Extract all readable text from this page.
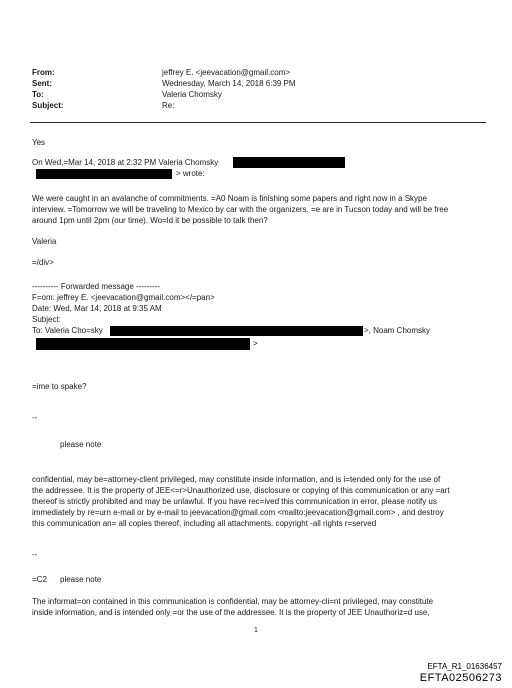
From:	jeffrey E. <jeevacation@gmail.com>
Sent:	Wednesday, March 14, 2018 6:39 PM
To:	Valeria Chomsky
Subject:	Re:
Yes
On Wed,=Mar 14, 2018 at 2:32 PM Valeria Chomsky
> wrote:
We were caught in an avalanche of commitments. =A0 Noam is finishing some papers and right now in a Skype
interview. =Tomorrow we will be traveling to Mexico by car with the organizers. =e are in Tucson today and will be free
around 1pm until 2pm (our time). Wo=ld it be possible to talk then?
Valeria
=/div>
---------- Forwarded message ---------
F=om: jeffrey E. <jeevacation@gmail.com></=pan>
Date: Wed, Mar 14, 2018 at 9:35 AM
Subject:
To: Valeria Cho=sky	>, Noam Chomsky
>
=ime to spake?
--
please note
confidential, may be=attorney-client privileged, may constitute inside information, and is i=tended only for the use of
the addressee. It is the property of JEE<=r>Unauthorized use, disclosure or copying of this communication or any =art
thereof is strictly prohibited and may be unlawful. If you have rec=ived this communication in error, please notify us
immediately by re=urn e-mail or by e-mail to jeevacation@gmail.com <mailto:jeevacation@gmail.com> , and destroy
this communication an= all copies thereof, including all attachments. copyright -all rights r=served
--
=C2 please note
The informat=on contained in this communication is confidential, may be attorney-cli=nt privileged, may constitute
inside information, and is intended only =or the use of the addressee. It is the property of JEE Unauthoriz=d use,
1
EFTA_R1_01636457
EFTA02506273
